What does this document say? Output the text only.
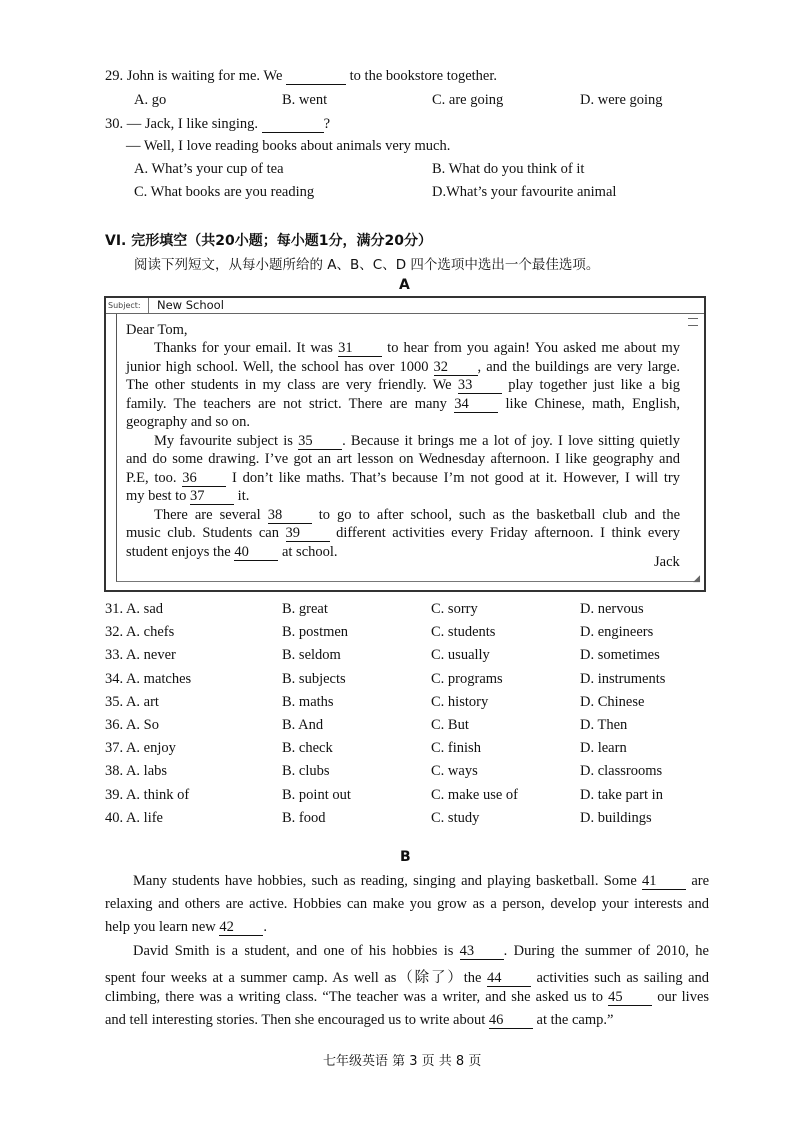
29. John is waiting for me. We	to the bookstore together.
A. go	B. went	C. are going	D. were going
30. — Jack, I like singing.	?
— Well, I love reading books about animals very much.
A. What’s your cup of tea	B. What do you think of it
C. What books are you reading	D.What’s your favourite animal
VI. 完形填空（共20小题；每小题1分，满分20分）
阅读下列短文，从每小题所给的 A、B、C、D 四个选项中选出一个最佳选项。
A
Subject:	New School
◢
Dear Tom,
Thanks for your email. It was 31 to hear from you again! You asked me about my
junior high school. Well, the school has over 1000 32 , and the buildings are very large.
The other students in my class are very friendly. We 33 play together just like a big
family. The teachers are not strict. There are many 34	like Chinese, math, English,
geography and so on.
My favourite subject is 35 . Because it brings me a lot of joy. I love sitting quietly
and do some drawing. I’ve got an art lesson on Wednesday afternoon. I like geography and
P.E, too. 36 I don’t like maths. That’s because I’m not good at it. However, I will try
my best to 37 it.
There are several 38	to go to after school, such as the basketball club and the
music club. Students can 39 different activities every Friday afternoon. I think every
student enjoys the 40 at school.
Jack
31. A. sad	B. great	C. sorry	D. nervous
32. A. chefs	B. postmen	C. students	D. engineers
33. A. never	B. seldom	C. usually	D. sometimes
34. A. matches	B. subjects	C. programs	D. instruments
35. A. art	B. maths	C. history	D. Chinese
36. A. So	B. And	C. But	D. Then
37. A. enjoy	B. check	C. finish	D. learn
38. A. labs	B. clubs	C. ways	D. classrooms
39. A. think of	B. point out	C. make use of	D. take part in
40. A. life	B. food	C. study	D. buildings
B
Many students have hobbies, such as reading, singing and playing basketball. Some 41 are
relaxing and others are active. Hobbies can make you grow as a person, develop your interests and
help you learn new 42 .
David Smith is a student, and one of his hobbies is 43 . During the summer of 2010, he
spent four weeks at a summer camp. As well as（除了）the 44 activities such as sailing and
climbing, there was a writing class. “The teacher was a writer, and she asked us to 45 our lives
and tell interesting stories. Then she encouraged us to write about 46 at the camp.”
七年级英语 第 3 页 共 8 页
